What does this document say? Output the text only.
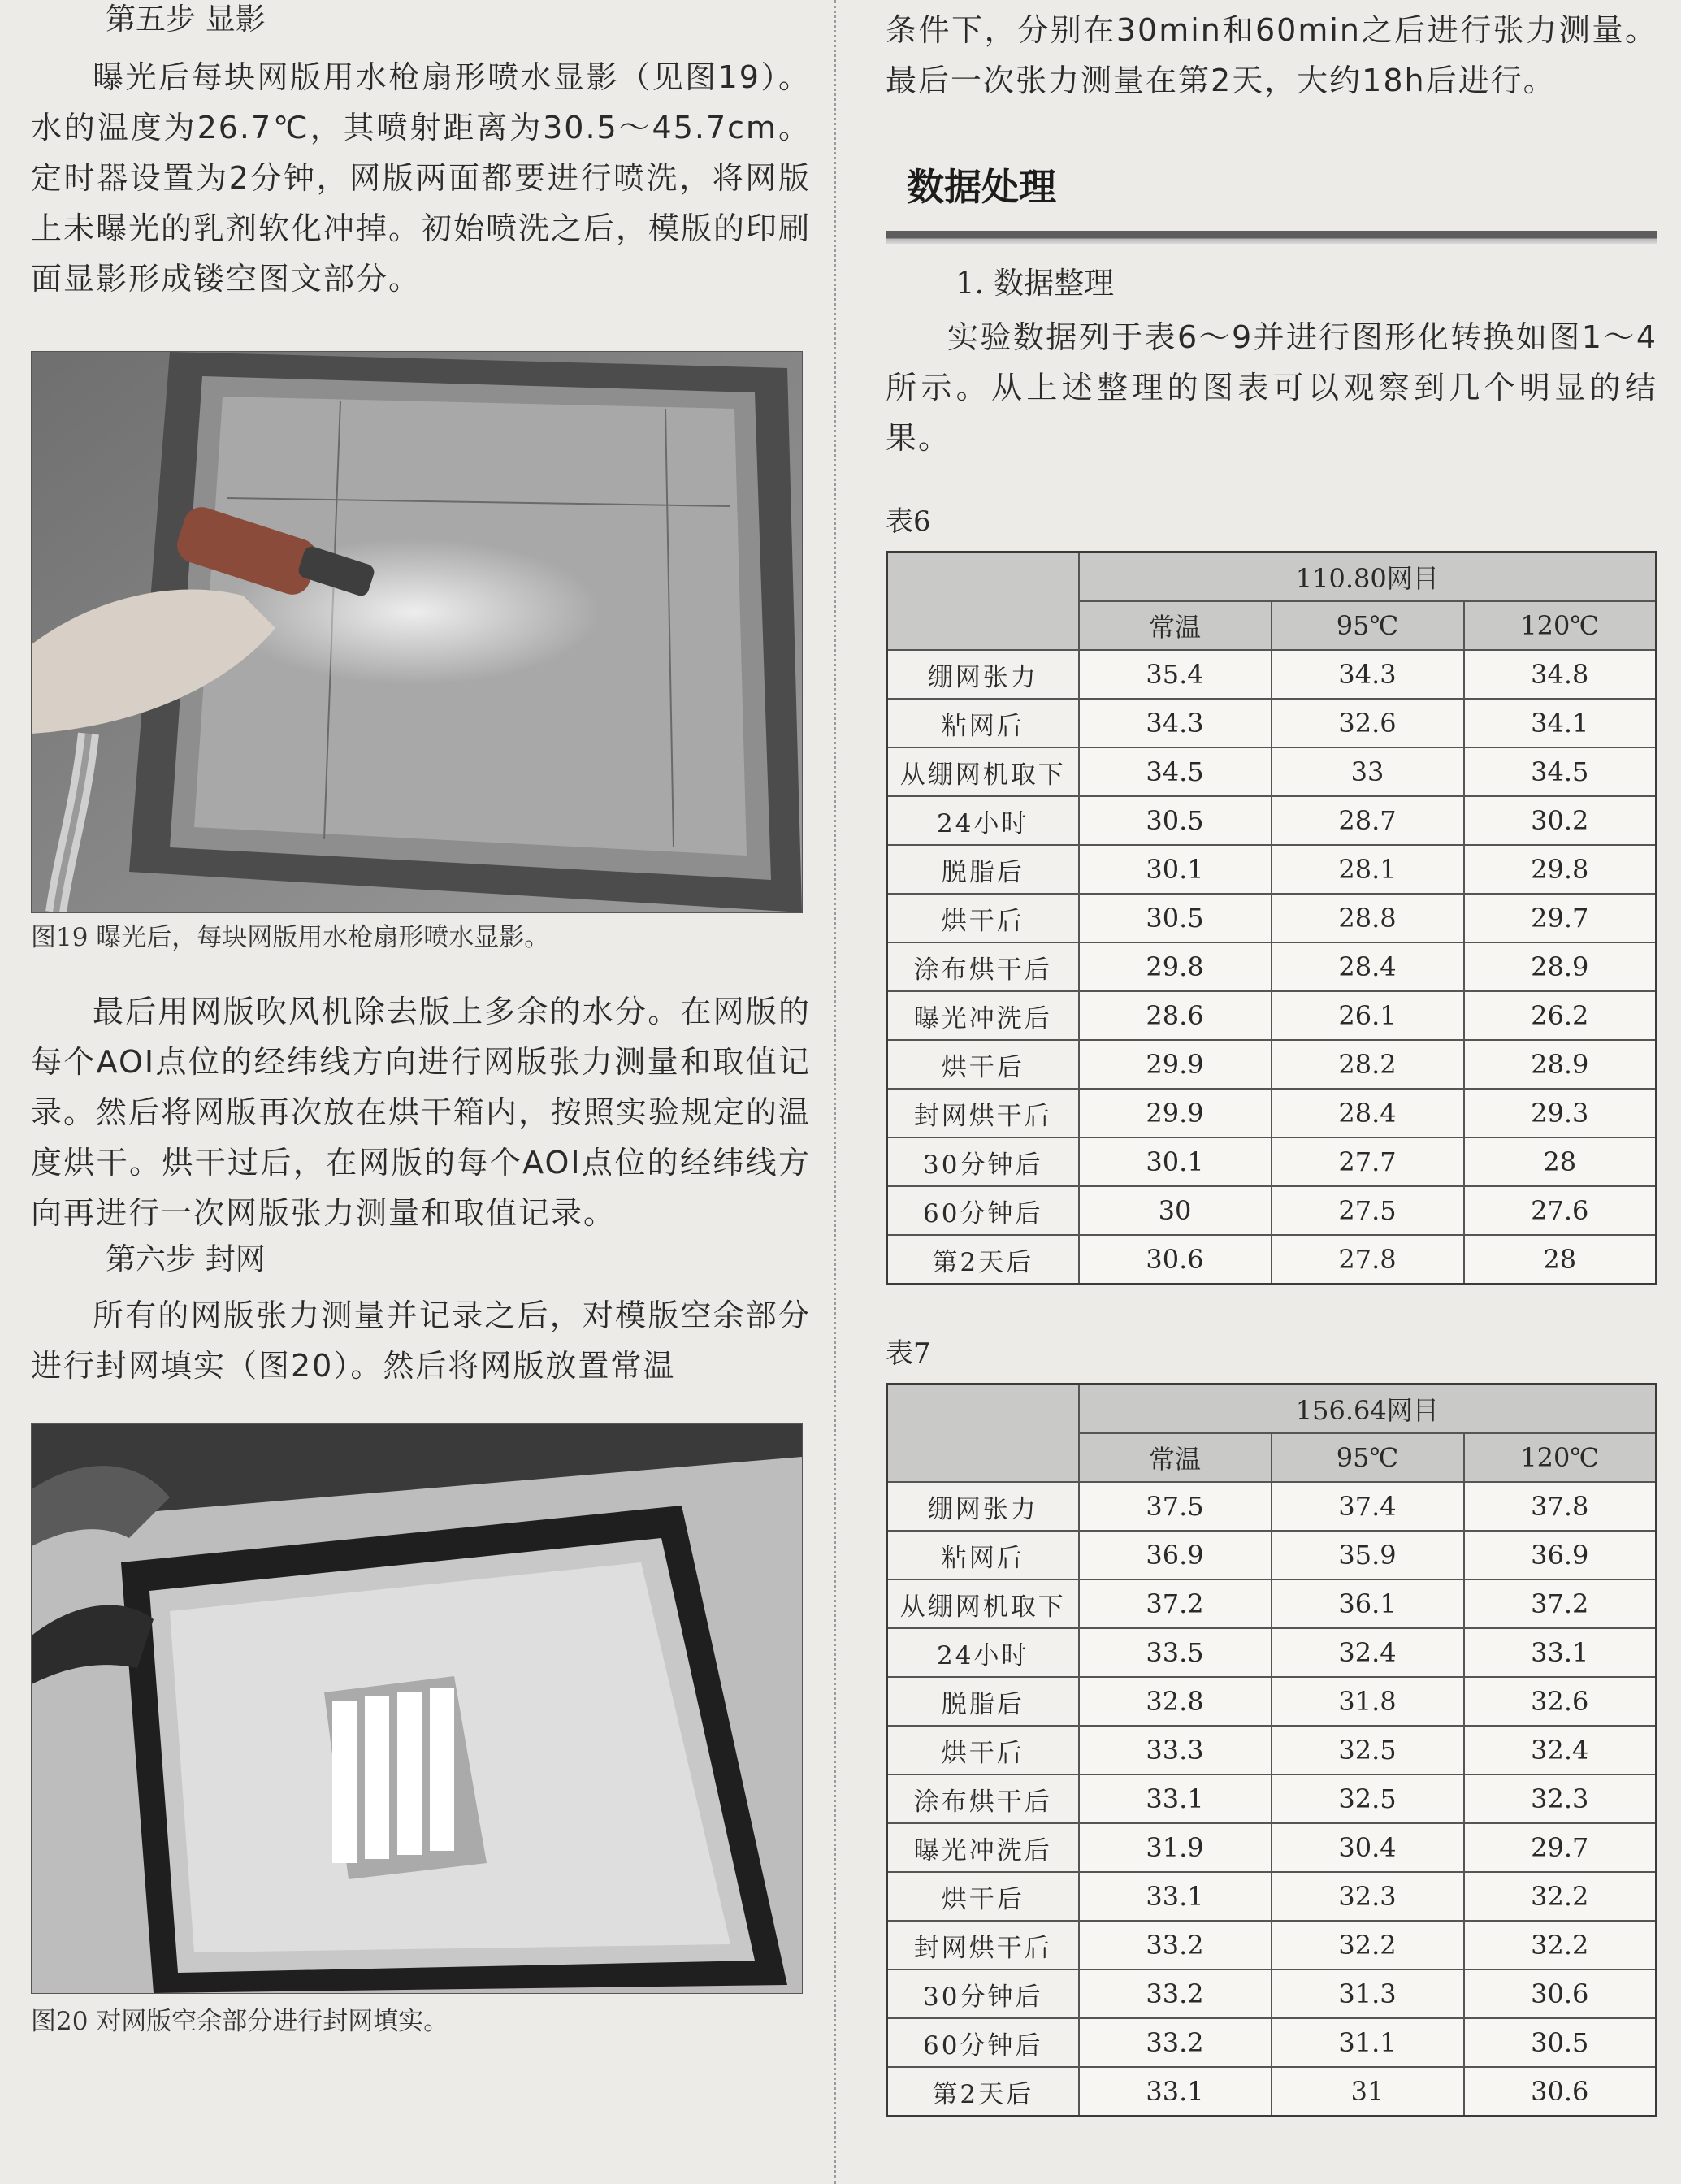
第五步 显影

曝光后每块网版用水枪扇形喷水显影（见图19）。水的温度为26.7℃，其喷射距离为30.5～45.7cm。定时器设置为2分钟，网版两面都要进行喷洗，将网版上未曝光的乳剂软化冲掉。初始喷洗之后，模版的印刷面显影形成镂空图文部分。

图19 曝光后，每块网版用水枪扇形喷水显影。

最后用网版吹风机除去版上多余的水分。在网版的每个AOI点位的经纬线方向进行网版张力测量和取值记录。然后将网版再次放在烘干箱内，按照实验规定的温度烘干。烘干过后，在网版的每个AOI点位的经纬线方向再进行一次网版张力测量和取值记录。

第六步 封网

所有的网版张力测量并记录之后，对模版空余部分进行封网填实（图20）。然后将网版放置常温

图20 对网版空余部分进行封网填实。

条件下，分别在30min和60min之后进行张力测量。最后一次张力测量在第2天，大约18h后进行。

数据处理

1. 数据整理

实验数据列于表6～9并进行图形化转换如图1～4所示。从上述整理的图表可以观察到几个明显的结果。

表6

	110.80网目		
	常温	95℃	120℃
绷网张力	35.4	34.3	34.8
粘网后	34.3	32.6	34.1
从绷网机取下	34.5	33	34.5
24小时	30.5	28.7	30.2
脱脂后	30.1	28.1	29.8
烘干后	30.5	28.8	29.7
涂布烘干后	29.8	28.4	28.9
曝光冲洗后	28.6	26.1	26.2
烘干后	29.9	28.2	28.9
封网烘干后	29.9	28.4	29.3
30分钟后	30.1	27.7	28
60分钟后	30	27.5	27.6
第2天后	30.6	27.8	28

表7

	156.64网目		
	常温	95℃	120℃
绷网张力	37.5	37.4	37.8
粘网后	36.9	35.9	36.9
从绷网机取下	37.2	36.1	37.2
24小时	33.5	32.4	33.1
脱脂后	32.8	31.8	32.6
烘干后	33.3	32.5	32.4
涂布烘干后	33.1	32.5	32.3
曝光冲洗后	31.9	30.4	29.7
烘干后	33.1	32.3	32.2
封网烘干后	33.2	32.2	32.2
30分钟后	33.2	31.3	30.6
60分钟后	33.2	31.1	30.5
第2天后	33.1	31	30.6
